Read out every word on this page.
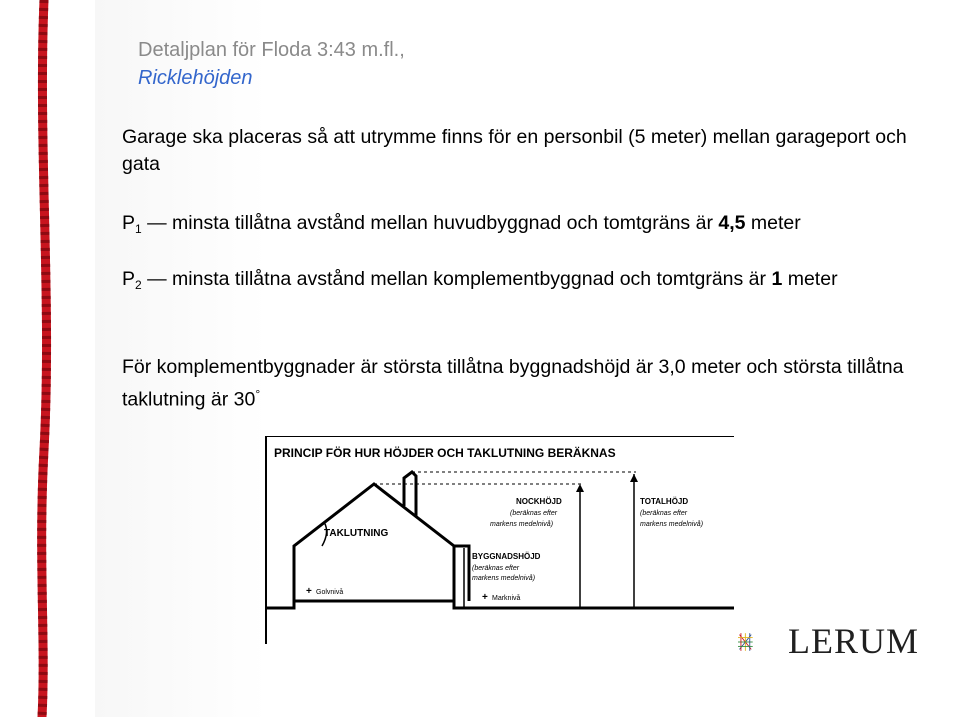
Detaljplan för Floda 3:43 m.fl.,
Ricklehöjden
Garage ska placeras så att utrymme finns för en personbil (5 meter) mellan garageport och gata
$P_1$ — minsta tillåtna avstånd mellan huvudbyggnad och tomtgräns är 4,5 meter
$P_2$ — minsta tillåtna avstånd mellan komplementbyggnad och tomtgräns är 1 meter
För komplementbyggnader är största tillåtna byggnadshöjd är 3,0 meter och största tillåtna taklutning är 30°
PRINCIP FÖR HUR HÖJDER OCH TAKLUTNING BERÄKNAS
TAKLUTNING
NOCKHÖJD
(beräknas efter
markens medelnivå)
TOTALHÖJD
(beräknas efter
markens medelnivå)
BYGGNADSHÖJD
(beräknas efter
markens medelnivå)
+ Golvnivå	+ Marknivå
LERUM
